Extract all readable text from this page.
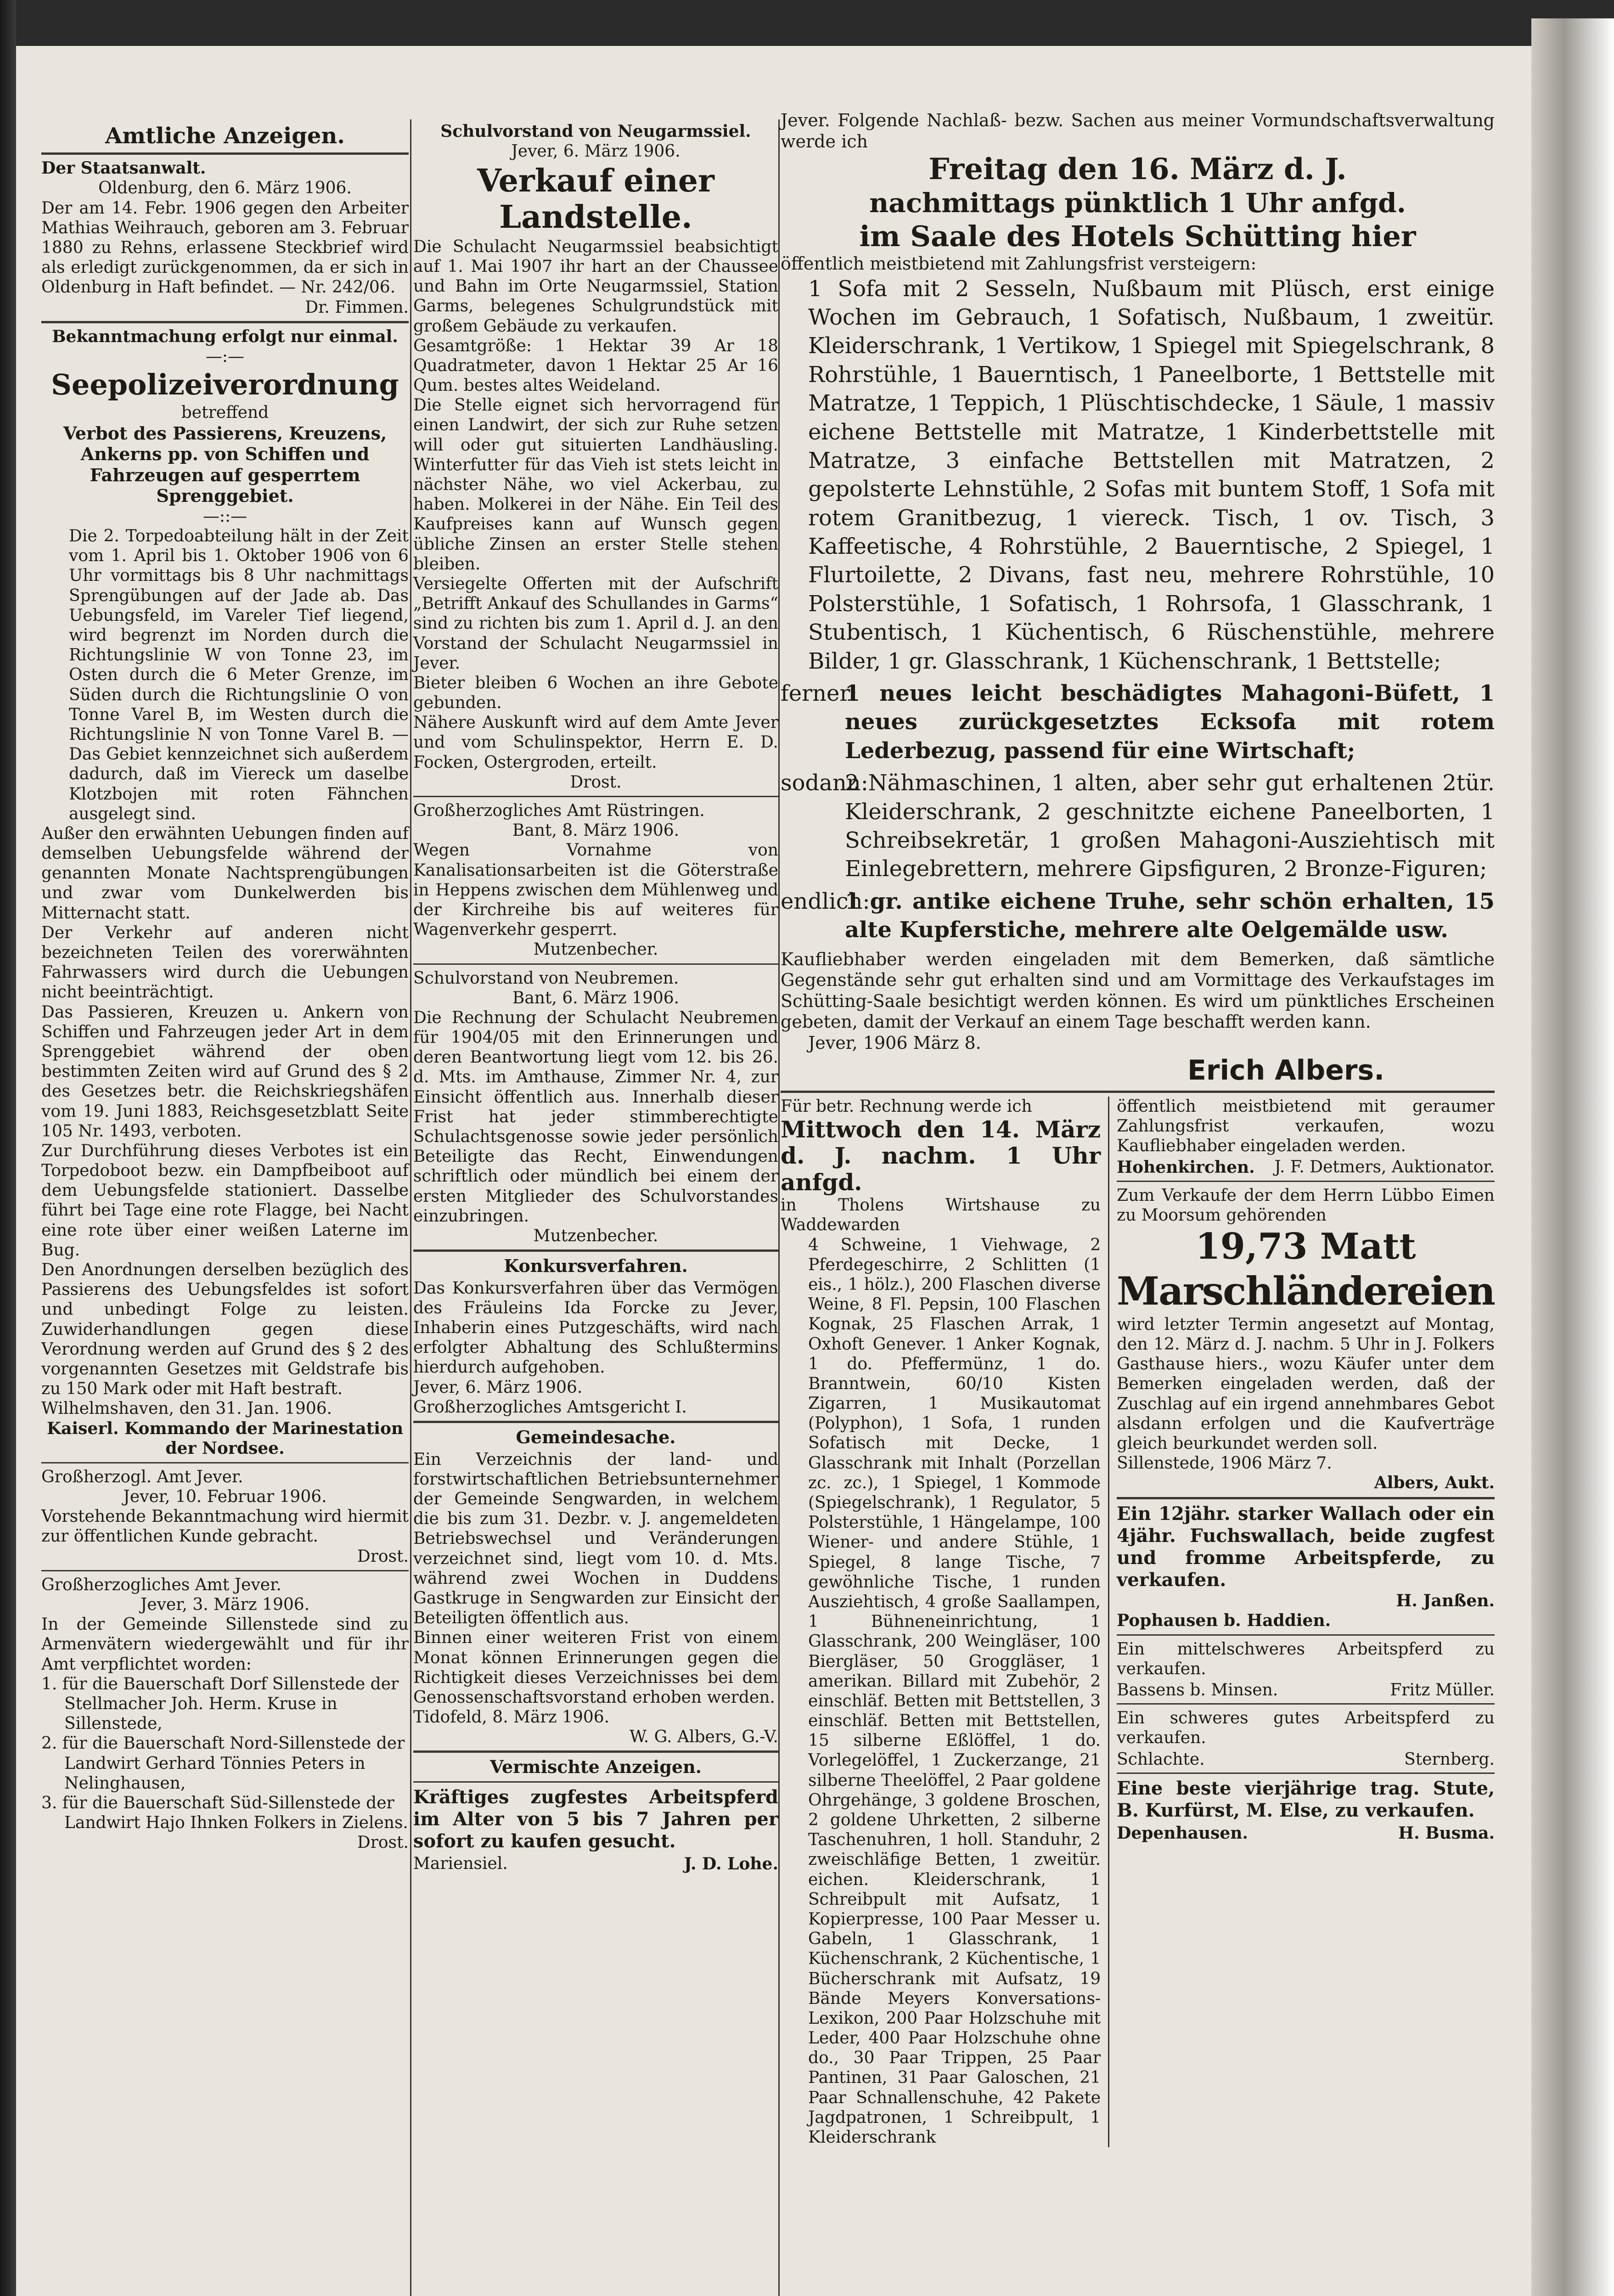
Amtliche Anzeigen.

Der Staatsanwalt.

Oldenburg, den 6. März 1906.

Der am 14. Febr. 1906 gegen den Arbeiter Mathias Weihrauch, geboren am 3. Februar 1880 zu Rehns, erlassene Steckbrief wird als erledigt zurückgenommen, da er sich in Oldenburg in Haft befindet. — Nr. 242/06.

Dr. Fimmen.

Bekanntmachung erfolgt nur einmal.

—:—

Seepolizeiverordnung

betreffend

Verbot des Passierens, Kreuzens, Ankerns pp. von Schiffen und Fahrzeugen auf gesperrtem Sprenggebiet.

—::—

Die 2. Torpedoabteilung hält in der Zeit vom 1. April bis 1. Oktober 1906 von 6 Uhr vormittags bis 8 Uhr nachmittags Sprengübungen auf der Jade ab. Das Uebungsfeld, im Vareler Tief liegend, wird begrenzt im Norden durch die Richtungslinie W von Tonne 23, im Osten durch die 6 Meter Grenze, im Süden durch die Richtungslinie O von Tonne Varel B, im Westen durch die Richtungslinie N von Tonne Varel B. — Das Gebiet kennzeichnet sich außerdem dadurch, daß im Viereck um daselbe Klotzbojen mit roten Fähnchen ausgelegt sind.

Außer den erwähnten Uebungen finden auf demselben Uebungsfelde während der genannten Monate Nachtsprengübungen und zwar vom Dunkelwerden bis Mitternacht statt.

Der Verkehr auf anderen nicht bezeichneten Teilen des vorerwähnten Fahrwassers wird durch die Uebungen nicht beeinträchtigt.

Das Passieren, Kreuzen u. Ankern von Schiffen und Fahrzeugen jeder Art in dem Sprenggebiet während der oben bestimmten Zeiten wird auf Grund des § 2 des Gesetzes betr. die Reichskriegshäfen vom 19. Juni 1883, Reichsgesetzblatt Seite 105 Nr. 1493, verboten.

Zur Durchführung dieses Verbotes ist ein Torpedoboot bezw. ein Dampfbeiboot auf dem Uebungsfelde stationiert. Dasselbe führt bei Tage eine rote Flagge, bei Nacht eine rote über einer weißen Laterne im Bug.

Den Anordnungen derselben bezüglich des Passierens des Uebungsfeldes ist sofort und unbedingt Folge zu leisten. Zuwiderhandlungen gegen diese Verordnung werden auf Grund des § 2 des vorgenannten Gesetzes mit Geldstrafe bis zu 150 Mark oder mit Haft bestraft.

Wilhelmshaven, den 31. Jan. 1906.

Kaiserl. Kommando der Marinestation der Nordsee.

Großherzogl. Amt Jever.

Jever, 10. Februar 1906.

Vorstehende Bekanntmachung wird hiermit zur öffentlichen Kunde gebracht.

Drost.

Großherzogliches Amt Jever.

Jever, 3. März 1906.

In der Gemeinde Sillenstede sind zu Armenvätern wiedergewählt und für ihr Amt verpflichtet worden:

1. für die Bauerschaft Dorf Sillenstede der Stellmacher Joh. Herm. Kruse in Sillenstede,
2. für die Bauerschaft Nord-Sillenstede der Landwirt Gerhard Tönnies Peters in Nelinghausen,
3. für die Bauerschaft Süd-Sillenstede der Landwirt Hajo Ihnken Folkers in Zielens.

Drost.

Schulvorstand von Neugarmssiel.

Jever, 6. März 1906.

Verkauf einer Landstelle.

Die Schulacht Neugarmssiel beabsichtigt auf 1. Mai 1907 ihr hart an der Chaussee und Bahn im Orte Neugarmssiel, Station Garms, belegenes Schulgrundstück mit großem Gebäude zu verkaufen.

Gesamtgröße: 1 Hektar 39 Ar 18 Quadratmeter, davon 1 Hektar 25 Ar 16 Qum. bestes altes Weideland.

Die Stelle eignet sich hervorragend für einen Landwirt, der sich zur Ruhe setzen will oder gut situierten Landhäusling. Winterfutter für das Vieh ist stets leicht in nächster Nähe, wo viel Ackerbau, zu haben. Molkerei in der Nähe. Ein Teil des Kaufpreises kann auf Wunsch gegen übliche Zinsen an erster Stelle stehen bleiben.

Versiegelte Offerten mit der Aufschrift „Betrifft Ankauf des Schullandes in Garms“ sind zu richten bis zum 1. April d. J. an den Vorstand der Schulacht Neugarmssiel in Jever.

Bieter bleiben 6 Wochen an ihre Gebote gebunden.

Nähere Auskunft wird auf dem Amte Jever und vom Schulinspektor, Herrn E. D. Focken, Ostergroden, erteilt.

Drost.

Großherzogliches Amt Rüstringen.

Bant, 8. März 1906.

Wegen Vornahme von Kanalisationsarbeiten ist die Göterstraße in Heppens zwischen dem Mühlenweg und der Kirchreihe bis auf weiteres für Wagenverkehr gesperrt.

Mutzenbecher.

Schulvorstand von Neubremen.

Bant, 6. März 1906.

Die Rechnung der Schulacht Neubremen für 1904/05 mit den Erinnerungen und deren Beantwortung liegt vom 12. bis 26. d. Mts. im Amthause, Zimmer Nr. 4, zur Einsicht öffentlich aus. Innerhalb dieser Frist hat jeder stimmberechtigte Schulachtsgenosse sowie jeder persönlich Beteiligte das Recht, Einwendungen schriftlich oder mündlich bei einem der ersten Mitglieder des Schulvorstandes einzubringen.

Mutzenbecher.

Konkursverfahren.

Das Konkursverfahren über das Vermögen des Fräuleins Ida Forcke zu Jever, Inhaberin eines Putzgeschäfts, wird nach erfolgter Abhaltung des Schlußtermins hierdurch aufgehoben.

Jever, 6. März 1906.

Großherzogliches Amtsgericht I.

Gemeindesache.

Ein Verzeichnis der land- und forstwirtschaftlichen Betriebsunternehmer der Gemeinde Sengwarden, in welchem die bis zum 31. Dezbr. v. J. angemeldeten Betriebswechsel und Veränderungen verzeichnet sind, liegt vom 10. d. Mts. während zwei Wochen in Duddens Gastkruge in Sengwarden zur Einsicht der Beteiligten öffentlich aus.

Binnen einer weiteren Frist von einem Monat können Erinnerungen gegen die Richtigkeit dieses Verzeichnisses bei dem Genossenschaftsvorstand erhoben werden.

Tidofeld, 8. März 1906.

W. G. Albers, G.-V.

Vermischte Anzeigen.

Kräftiges zugfestes Arbeitspferd im Alter von 5 bis 7 Jahren per sofort zu kaufen gesucht.

Mariensiel.	J. D. Lohe.

Jever. Folgende Nachlaß- bezw. Sachen aus meiner Vormundschaftsverwaltung werde ich

Freitag den 16. März d. J.

nachmittags pünktlich 1 Uhr anfgd.

im Saale des Hotels Schütting hier

öffentlich meistbietend mit Zahlungsfrist versteigern:

1 Sofa mit 2 Sesseln, Nußbaum mit Plüsch, erst einige Wochen im Gebrauch, 1 Sofatisch, Nußbaum, 1 zweitür. Kleiderschrank, 1 Vertikow, 1 Spiegel mit Spiegelschrank, 8 Rohrstühle, 1 Bauerntisch, 1 Paneelborte, 1 Bettstelle mit Matratze, 1 Teppich, 1 Plüschtischdecke, 1 Säule, 1 massiv eichene Bettstelle mit Matratze, 1 Kinderbettstelle mit Matratze, 3 einfache Bettstellen mit Matratzen, 2 gepolsterte Lehnstühle, 2 Sofas mit buntem Stoff, 1 Sofa mit rotem Granitbezug, 1 viereck. Tisch, 1 ov. Tisch, 3 Kaffeetische, 4 Rohrstühle, 2 Bauerntische, 2 Spiegel, 1 Flurtoilette, 2 Divans, fast neu, mehrere Rohrstühle, 10 Polsterstühle, 1 Sofatisch, 1 Rohrsofa, 1 Glasschrank, 1 Stubentisch, 1 Küchentisch, 6 Rüschenstühle, mehrere Bilder, 1 gr. Glasschrank, 1 Küchenschrank, 1 Bettstelle;

ferner:
1 neues leicht beschädigtes Mahagoni-Büfett, 1 neues zurückgesetztes Ecksofa mit rotem Lederbezug, passend für eine Wirtschaft;
sodann:
2 Nähmaschinen, 1 alten, aber sehr gut erhaltenen 2tür. Kleiderschrank, 2 geschnitzte eichene Paneelborten, 1 Schreibsekretär, 1 großen Mahagoni-Ausziehtisch mit Einlegebrettern, mehrere Gipsfiguren, 2 Bronze-Figuren;
endlich:
1 gr. antike eichene Truhe, sehr schön erhalten, 15 alte Kupferstiche, mehrere alte Oelgemälde usw.

Kaufliebhaber werden eingeladen mit dem Bemerken, daß sämtliche Gegenstände sehr gut erhalten sind und am Vormittage des Verkaufstages im Schütting-Saale besichtigt werden können. Es wird um pünktliches Erscheinen gebeten, damit der Verkauf an einem Tage beschafft werden kann.

Jever, 1906 März 8.

Erich Albers.

Für betr. Rechnung werde ich

Mittwoch den 14. März d. J. nachm. 1 Uhr anfgd.

in Tholens Wirtshause zu Waddewarden

4 Schweine, 1 Viehwage, 2 Pferdegeschirre, 2 Schlitten (1 eis., 1 hölz.), 200 Flaschen diverse Weine, 8 Fl. Pepsin, 100 Flaschen Kognak, 25 Flaschen Arrak, 1 Oxhoft Genever. 1 Anker Kognak, 1 do. Pfeffermünz, 1 do. Branntwein, 60/10 Kisten Zigarren, 1 Musikautomat (Polyphon), 1 Sofa, 1 runden Sofatisch mit Decke, 1 Glasschrank mit Inhalt (Porzellan zc. zc.), 1 Spiegel, 1 Kommode (Spiegelschrank), 1 Regulator, 5 Polsterstühle, 1 Hängelampe, 100 Wiener- und andere Stühle, 1 Spiegel, 8 lange Tische, 7 gewöhnliche Tische, 1 runden Ausziehtisch, 4 große Saallampen, 1 Bühneneinrichtung, 1 Glasschrank, 200 Weingläser, 100 Biergläser, 50 Groggläser, 1 amerikan. Billard mit Zubehör, 2 einschläf. Betten mit Bettstellen, 3 einschläf. Betten mit Bettstellen, 15 silberne Eßlöffel, 1 do. Vorlegelöffel, 1 Zuckerzange, 21 silberne Theelöffel, 2 Paar goldene Ohrgehänge, 3 goldene Broschen, 2 goldene Uhrketten, 2 silberne Taschenuhren, 1 holl. Standuhr, 2 zweischläfige Betten, 1 zweitür. eichen. Kleiderschrank, 1 Schreibpult mit Aufsatz, 1 Kopierpresse, 100 Paar Messer u. Gabeln, 1 Glasschrank, 1 Küchenschrank, 2 Küchentische, 1 Bücherschrank mit Aufsatz, 19 Bände Meyers Konversations-Lexikon, 200 Paar Holzschuhe mit Leder, 400 Paar Holzschuhe ohne do., 30 Paar Trippen, 25 Paar Pantinen, 31 Paar Galoschen, 21 Paar Schnallenschuhe, 42 Pakete Jagdpatronen, 1 Schreibpult, 1 Kleiderschrank

öffentlich meistbietend mit geraumer Zahlungsfrist verkaufen, wozu Kaufliebhaber eingeladen werden.

Hohenkirchen. J. F. Detmers, Auktionator.

Zum Verkaufe der dem Herrn Lübbo Eimen zu Moorsum gehörenden

19,73 Matt

Marschländereien

wird letzter Termin angesetzt auf Montag, den 12. März d. J. nachm. 5 Uhr in J. Folkers Gasthause hiers., wozu Käufer unter dem Bemerken eingeladen werden, daß der Zuschlag auf ein irgend annehmbares Gebot alsdann erfolgen und die Kaufverträge gleich beurkundet werden soll.

Sillenstede, 1906 März 7.

Albers, Aukt.

Ein 12jähr. starker Wallach oder ein 4jähr. Fuchswallach, beide zugfest und fromme Arbeitspferde, zu verkaufen.

H. Janßen.

Pophausen b. Haddien.

Ein mittelschweres Arbeitspferd zu verkaufen.

Bassens b. Minsen.	Fritz Müller.

Ein schweres gutes Arbeitspferd zu verkaufen.

Schlachte.	Sternberg.

Eine beste vierjährige trag. Stute, B. Kurfürst, M. Else, zu verkaufen.

Depenhausen.	H. Busma.
